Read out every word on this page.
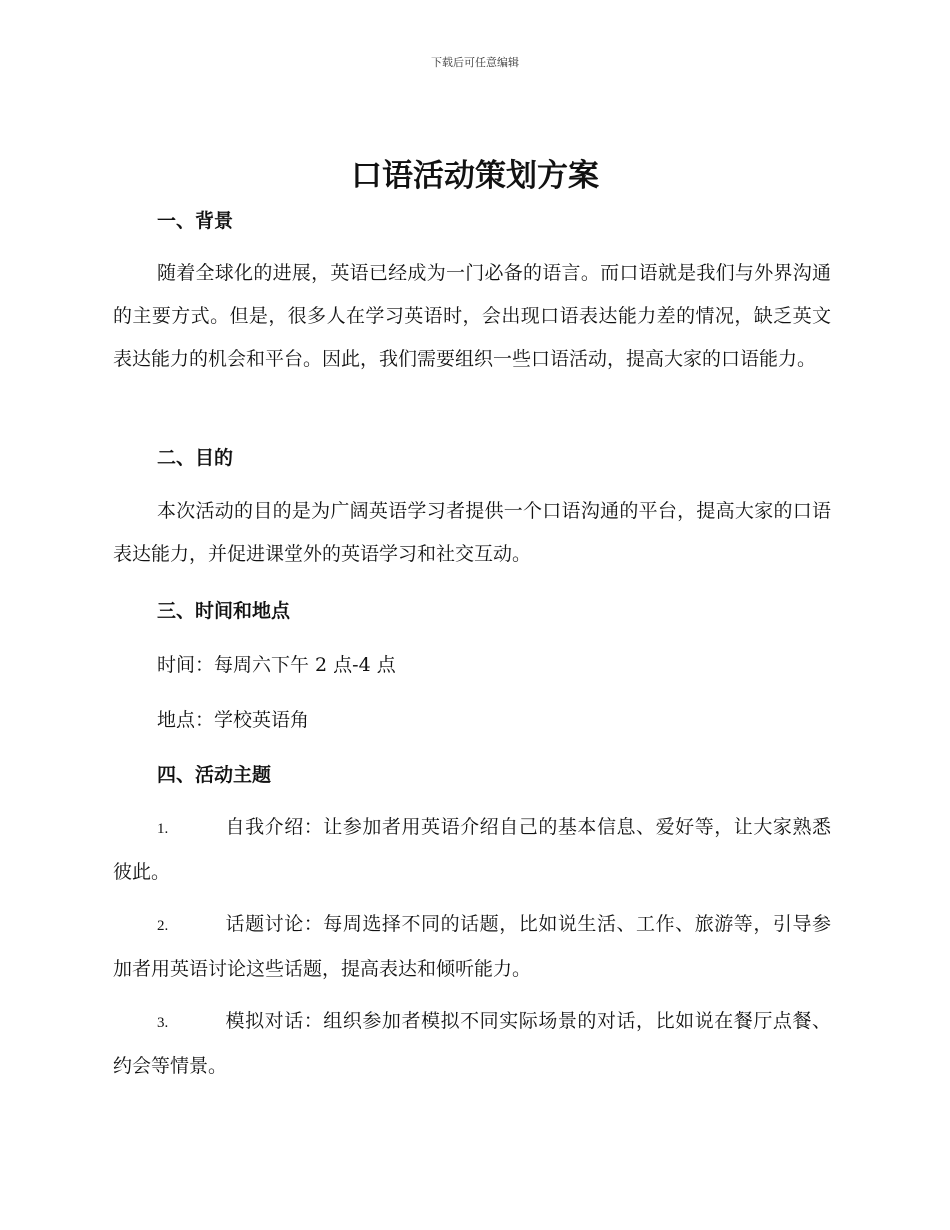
下载后可任意编辑
口语活动策划方案
一、背景

随着全球化的进展，英语已经成为一门必备的语言。而口语就是我们与外界沟通的主要方式。但是，很多人在学习英语时，会出现口语表达能力差的情况，缺乏英文表达能力的机会和平台。因此，我们需要组织一些口语活动，提高大家的口语能力。

二、目的

本次活动的目的是为广阔英语学习者提供一个口语沟通的平台，提高大家的口语表达能力，并促进课堂外的英语学习和社交互动。

三、时间和地点
时间：每周六下午 2 点-4 点
地点：学校英语角
四、活动主题

1.	自我介绍：让参加者用英语介绍自己的基本信息、爱好等，让大家熟悉彼此。

2.	话题讨论：每周选择不同的话题，比如说生活、工作、旅游等，引导参加者用英语讨论这些话题，提高表达和倾听能力。

3.	模拟对话：组织参加者模拟不同实际场景的对话，比如说在餐厅点餐、约会等情景。
